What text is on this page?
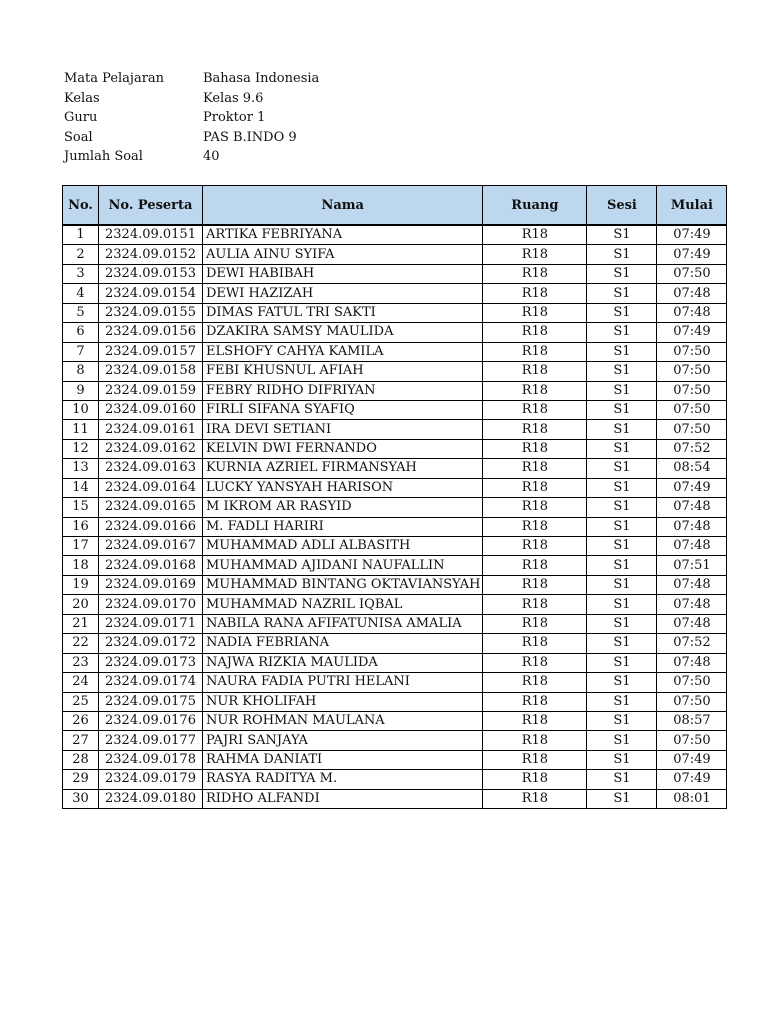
Mata Pelajaran	Bahasa Indonesia
Kelas	Kelas 9.6
Guru	Proktor 1
Soal	PAS B.INDO 9
Jumlah Soal	40
No.	No. Peserta	Nama	Ruang	Sesi	Mulai
1	2324.09.0151	ARTIKA FEBRIYANA	R18	S1	07:49
2	2324.09.0152	AULIA AINU SYIFA	R18	S1	07:49
3	2324.09.0153	DEWI HABIBAH	R18	S1	07:50
4	2324.09.0154	DEWI HAZIZAH	R18	S1	07:48
5	2324.09.0155	DIMAS FATUL TRI SAKTI	R18	S1	07:48
6	2324.09.0156	DZAKIRA SAMSY MAULIDA	R18	S1	07:49
7	2324.09.0157	ELSHOFY CAHYA KAMILA	R18	S1	07:50
8	2324.09.0158	FEBI KHUSNUL AFIAH	R18	S1	07:50
9	2324.09.0159	FEBRY RIDHO DIFRIYAN	R18	S1	07:50
10	2324.09.0160	FIRLI SIFANA SYAFIQ	R18	S1	07:50
11	2324.09.0161	IRA DEVI SETIANI	R18	S1	07:50
12	2324.09.0162	KELVIN DWI FERNANDO	R18	S1	07:52
13	2324.09.0163	KURNIA AZRIEL FIRMANSYAH	R18	S1	08:54
14	2324.09.0164	LUCKY YANSYAH HARISON	R18	S1	07:49
15	2324.09.0165	M IKROM AR RASYID	R18	S1	07:48
16	2324.09.0166	M. FADLI HARIRI	R18	S1	07:48
17	2324.09.0167	MUHAMMAD ADLI ALBASITH	R18	S1	07:48
18	2324.09.0168	MUHAMMAD AJIDANI NAUFALLIN	R18	S1	07:51
19	2324.09.0169	MUHAMMAD BINTANG OKTAVIANSYAH	R18	S1	07:48
20	2324.09.0170	MUHAMMAD NAZRIL IQBAL	R18	S1	07:48
21	2324.09.0171	NABILA RANA AFIFATUNISA AMALIA	R18	S1	07:48
22	2324.09.0172	NADIA FEBRIANA	R18	S1	07:52
23	2324.09.0173	NAJWA RIZKIA MAULIDA	R18	S1	07:48
24	2324.09.0174	NAURA FADIA PUTRI HELANI	R18	S1	07:50
25	2324.09.0175	NUR KHOLIFAH	R18	S1	07:50
26	2324.09.0176	NUR ROHMAN MAULANA	R18	S1	08:57
27	2324.09.0177	PAJRI SANJAYA	R18	S1	07:50
28	2324.09.0178	RAHMA DANIATI	R18	S1	07:49
29	2324.09.0179	RASYA RADITYA M.	R18	S1	07:49
30	2324.09.0180	RIDHO ALFANDI	R18	S1	08:01
